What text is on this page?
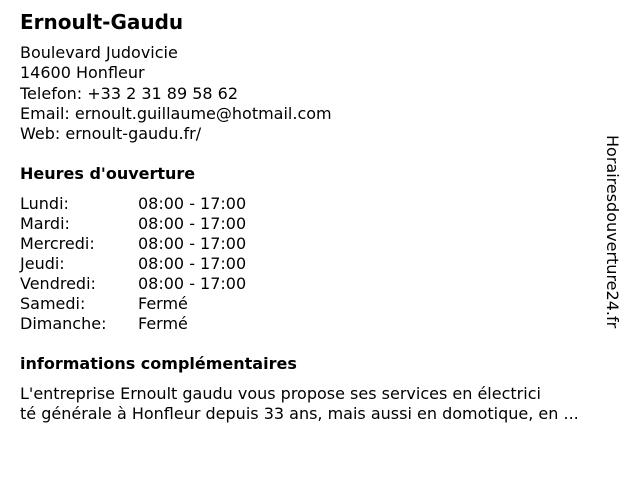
Ernoult-Gaudu
Boulevard Judovicie
14600 Honfleur
Telefon: +33 2 31 89 58 62
Email: ernoult.guillaume@hotmail.com
Web: ernoult-gaudu.fr/
Heures d'ouverture
Lundi:	08:00 - 17:00
Mardi:	08:00 - 17:00
Mercredi:	08:00 - 17:00
Jeudi:	08:00 - 17:00
Vendredi:	08:00 - 17:00
Samedi:	Fermé
Dimanche: Fermé
informations complémentaires
L'entreprise Ernoult gaudu vous propose ses services en électrici
té générale à Honfleur depuis 33 ans, mais aussi en domotique, en ...
Horairesdouverture24.fr
